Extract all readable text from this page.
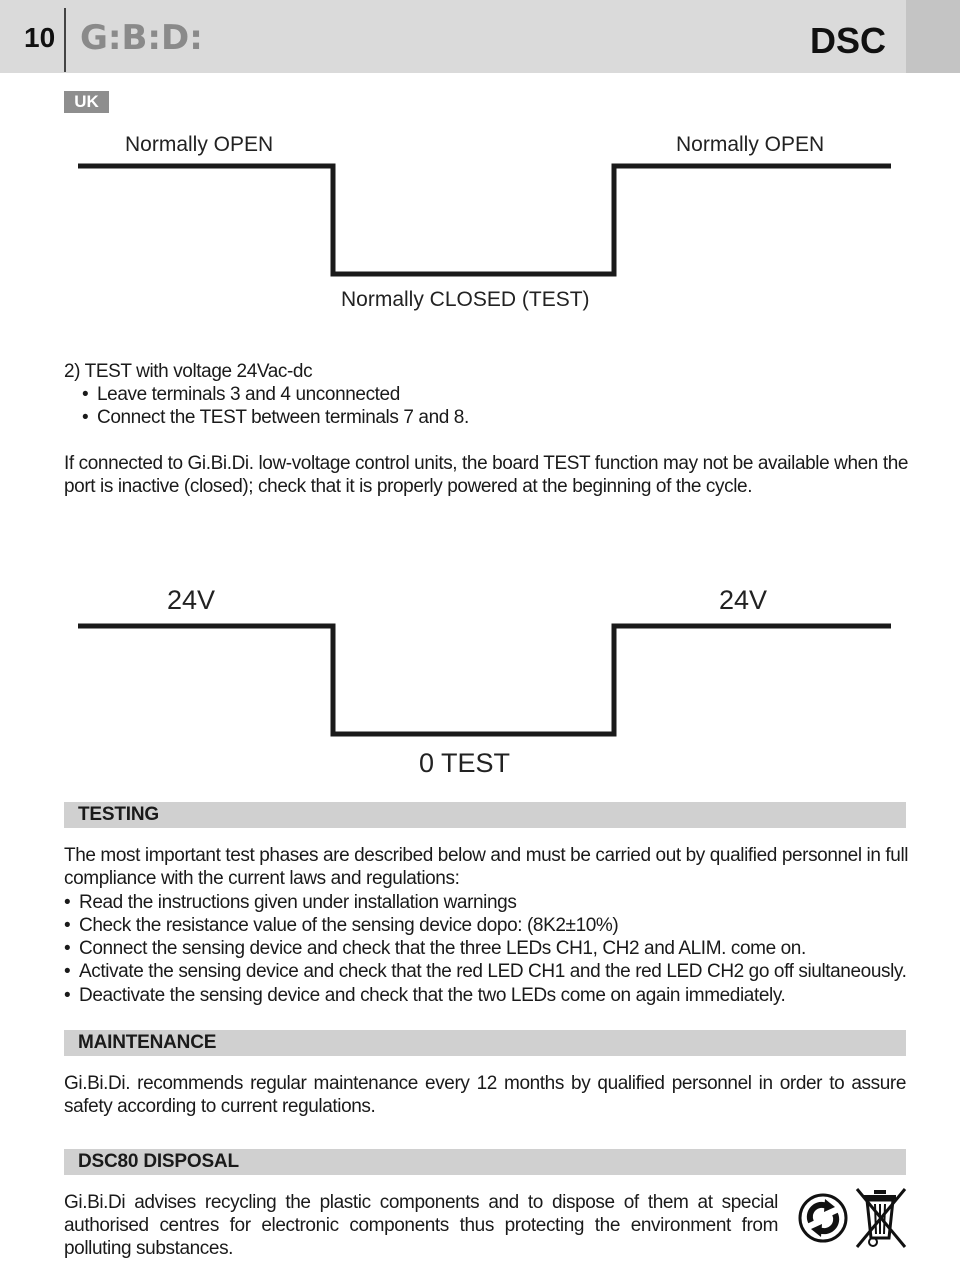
10 G:B:D:	DSC
UK
Normally OPEN	Normally OPEN
Normally CLOSED (TEST)
2) TEST with voltage 24Vac-dc
• Leave terminals 3 and 4 unconnected
• Connect the TEST between terminals 7 and 8.
If connected to Gi.Bi.Di. low-voltage control units, the board TEST function may not be available when the
port is inactive (closed); check that it is properly powered at the beginning of the cycle.
24V	24V
0 TEST
TESTING
The most important test phases are described below and must be carried out by qualified personnel in full
compliance with the current laws and regulations:
• Read the instructions given under installation warnings
• Check the resistance value of the sensing device dopo: (8K2±10%)
• Connect the sensing device and check that the three LEDs CH1, CH2 and ALIM. come on.
• Activate the sensing device and check that the red LED CH1 and the red LED CH2 go off siultaneously.
• Deactivate the sensing device and check that the two LEDs come on again immediately.
MAINTENANCE
Gi.Bi.Di. recommends regular maintenance every 12 months by qualified personnel in order to assure safety according to current regulations.
DSC80 DISPOSAL
Gi.Bi.Di advises recycling the plastic components and to dispose of them at special authorised centres for electronic components thus protecting the environment from polluting substances.
